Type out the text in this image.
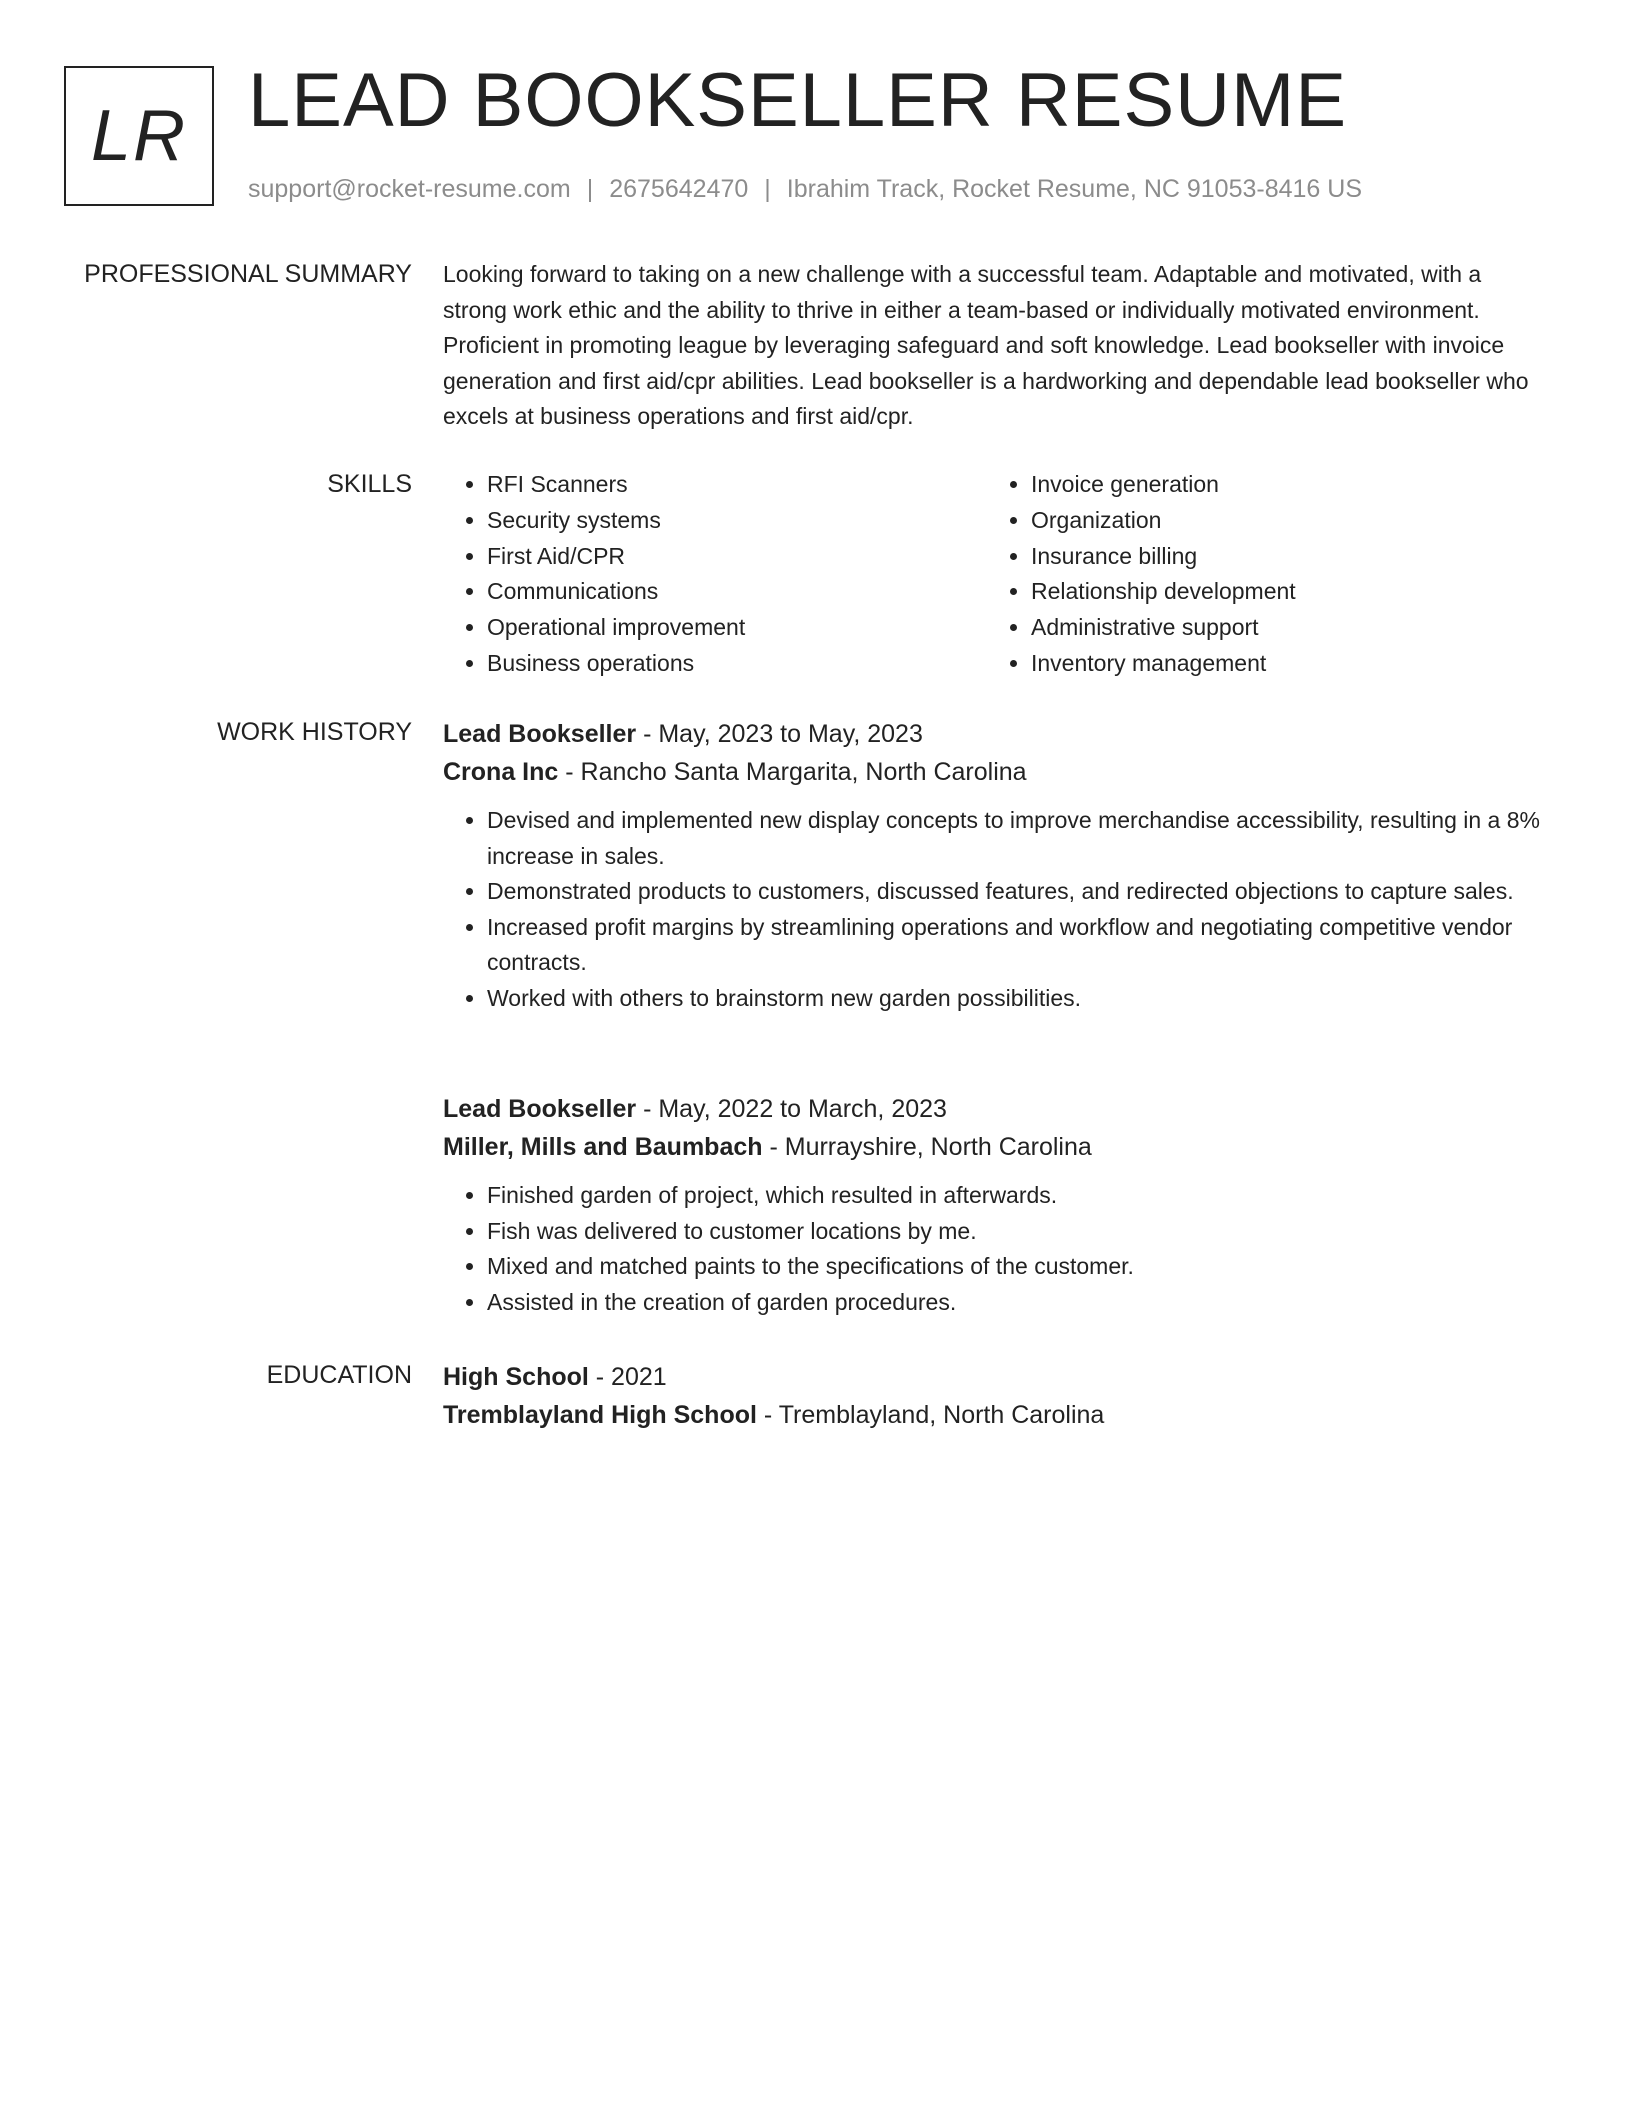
LR LEAD BOOKSELLER RESUME
support@rocket-resume.com | 2675642470 | Ibrahim Track, Rocket Resume, NC 91053-8416 US
PROFESSIONAL SUMMARY Looking forward to taking on a new challenge with a successful team. Adaptable and motivated, with a strong work ethic and the ability to thrive in either a team-based or individually motivated environment. Proficient in promoting league by leveraging safeguard and soft knowledge. Lead bookseller with invoice generation and first aid/cpr abilities. Lead bookseller is a hardworking and dependable lead bookseller who excels at business operations and first aid/cpr.

SKILLS
•	RFI Scanners
• Security systems
• First Aid/CPR
• Communications
• Operational improvement
• Business operations
• Invoice generation
• Organization
• Insurance billing
• Relationship development
• Administrative support
• Inventory management
WORK HISTORY Lead Bookseller - May, 2023 to May, 2023
Crona Inc - Rancho Santa Margarita, North Carolina
• Devised and implemented new display concepts to improve merchandise accessibility, resulting in a 8% increase in sales.
• Demonstrated products to customers, discussed features, and redirected objections to capture sales.
• Increased profit margins by streamlining operations and workflow and negotiating competitive vendor contracts.
• Worked with others to brainstorm new garden possibilities.
Lead Bookseller - May, 2022 to March, 2023
Miller, Mills and Baumbach - Murrayshire, North Carolina
• Finished garden of project, which resulted in afterwards.
• Fish was delivered to customer locations by me.
• Mixed and matched paints to the specifications of the customer.
• Assisted in the creation of garden procedures.
EDUCATION High School - 2021
Tremblayland High School - Tremblayland, North Carolina
